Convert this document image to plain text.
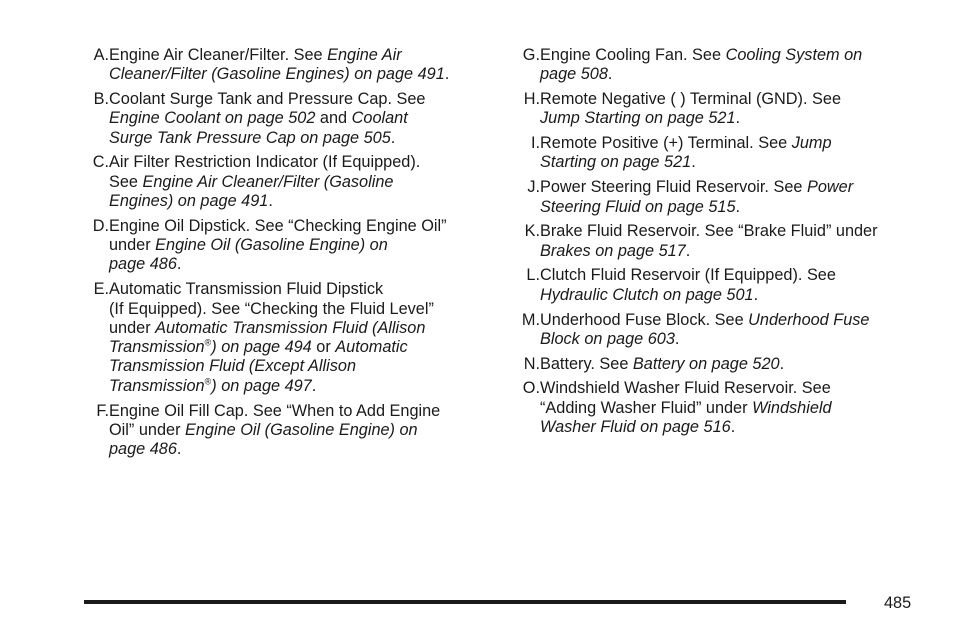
A. Engine Air Cleaner/Filter. See Engine Air
Cleaner/Filter (Gasoline Engines) on page 491.
B. Coolant Surge Tank and Pressure Cap. See
Engine Coolant on page 502 and Coolant
Surge Tank Pressure Cap on page 505.
C. Air Filter Restriction Indicator (If Equipped).
See Engine Air Cleaner/Filter (Gasoline
Engines) on page 491.
D. Engine Oil Dipstick. See “Checking Engine Oil”
under Engine Oil (Gasoline Engine) on
page 486.
E. Automatic Transmission Fluid Dipstick
(If Equipped). See “Checking the Fluid Level”
under Automatic Transmission Fluid (Allison
Transmission®) on page 494 or Automatic
Transmission Fluid (Except Allison
Transmission®) on page 497.
F. Engine Oil Fill Cap. See “When to Add Engine
Oil” under Engine Oil (Gasoline Engine) on
page 486.
G. Engine Cooling Fan. See Cooling System on
page 508.
H. Remote Negative ( ) Terminal (GND). See
Jump Starting on page 521.
I. Remote Positive (+) Terminal. See Jump
Starting on page 521.
J. Power Steering Fluid Reservoir. See Power
Steering Fluid on page 515.
K. Brake Fluid Reservoir. See “Brake Fluid” under
Brakes on page 517.
L. Clutch Fluid Reservoir (If Equipped). See
Hydraulic Clutch on page 501.
M. Underhood Fuse Block. See Underhood Fuse
Block on page 603.
N. Battery. See Battery on page 520.
O. Windshield Washer Fluid Reservoir. See
“Adding Washer Fluid” under Windshield
Washer Fluid on page 516.
485
